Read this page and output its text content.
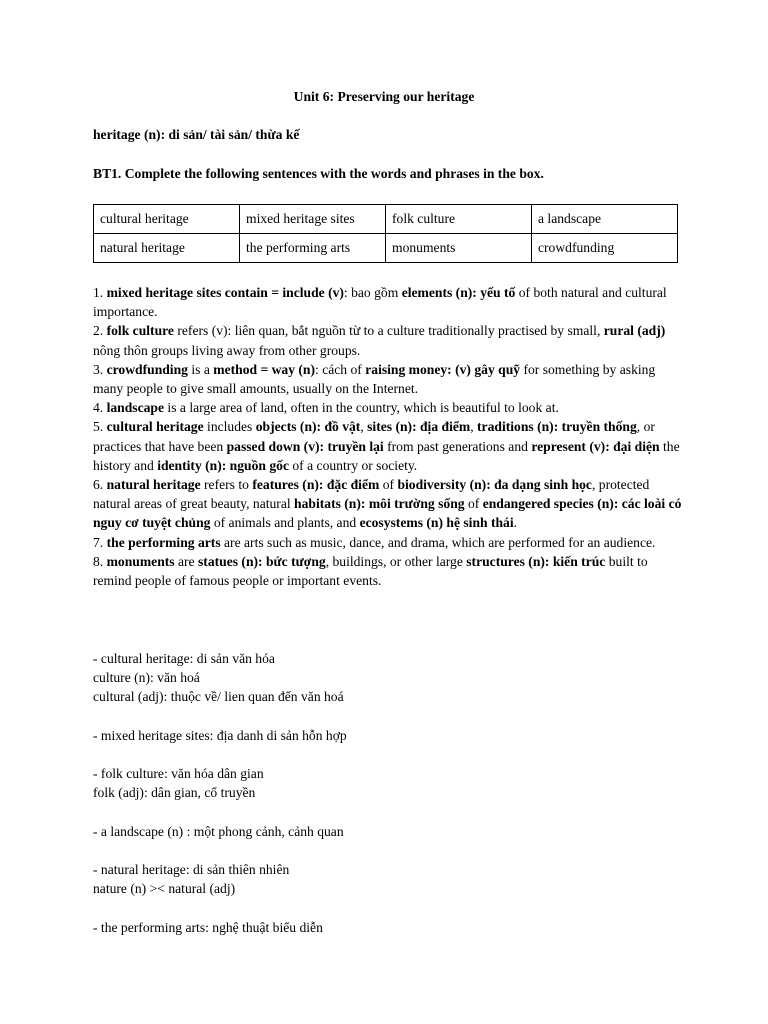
Unit 6: Preserving our heritage
heritage (n): di sản/ tài sản/ thừa kế
BT1. Complete the following sentences with the words and phrases in the box.
cultural heritage	mixed heritage sites	folk culture	a landscape
natural heritage	the performing arts	monuments	crowdfunding

1. mixed heritage sites contain = include (v): bao gồm elements (n): yếu tố of both natural and cultural importance.

2. folk culture refers (v): liên quan, bắt nguồn từ to a culture traditionally practised by small, rural (adj) nông thôn groups living away from other groups.

3. crowdfunding is a method = way (n): cách of raising money: (v) gây quỹ for something by asking many people to give small amounts, usually on the Internet.

4. landscape is a large area of land, often in the country, which is beautiful to look at.

5. cultural heritage includes objects (n): đồ vật, sites (n): địa điểm, traditions (n): truyền thống, or practices that have been passed down (v): truyền lại from past generations and represent (v): đại diện the history and identity (n): nguồn gốc of a country or society.

6. natural heritage refers to features (n): đặc điểm of biodiversity (n): đa dạng sinh học, protected natural areas of great beauty, natural habitats (n): môi trường sống of endangered species (n): các loài có nguy cơ tuyệt chủng of animals and plants, and ecosystems (n) hệ sinh thái.

7. the performing arts are arts such as music, dance, and drama, which are performed for an audience.

8. monuments are statues (n): bức tượng, buildings, or other large structures (n): kiến trúc built to remind people of famous people or important events.

- cultural heritage: di sản văn hóa
culture (n): văn hoá
cultural (adj): thuộc về/ lien quan đến văn hoá
- mixed heritage sites: địa danh di sản hỗn hợp
- folk culture: văn hóa dân gian
folk (adj): dân gian, cổ truyền
- a landscape (n) : một phong cảnh, cảnh quan
- natural heritage: di sản thiên nhiên
nature (n) >< natural (adj)
- the performing arts: nghệ thuật biểu diễn
